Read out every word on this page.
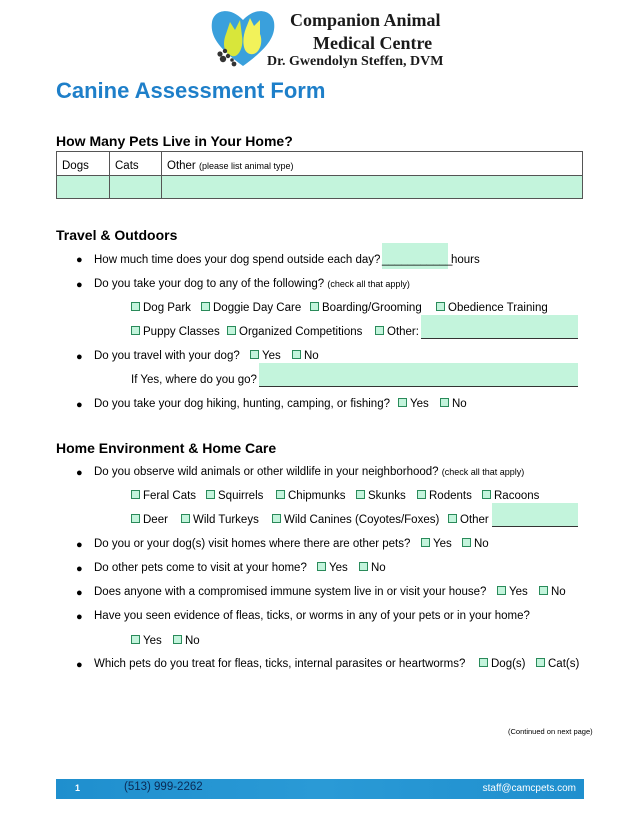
Companion Animal
Medical Centre
Dr. Gwendolyn Steffen, DVM
Canine Assessment Form
How Many Pets Live in Your Home?
Dogs	Cats	Other (please list animal type)
Travel & Outdoors
● How much time does your dog spend outside each day? ___________
hours
● Do you take your dog to any of the following? (check all that apply)
Dog Park	Doggie Day Care	Boarding/Grooming	Obedience Training
Puppy Classes	Organized Competitions	Other:
● Do you travel with your dog?	Yes	No
If Yes, where do you go?
● Do you take your dog hiking, hunting, camping, or fishing?	Yes	No
Home Environment & Home Care
● Do you observe wild animals or other wildlife in your neighborhood? (check all that apply)
Feral Cats	Squirrels	Chipmunks	Skunks	Rodents	Racoons
Deer	Wild Turkeys	Wild Canines (Coyotes/Foxes)	Other
● Do you or your dog(s) visit homes where there are other pets?	Yes	No
● Do other pets come to visit at your home?	Yes	No
● Does anyone with a compromised immune system live in or visit your house?	Yes	No
● Have you seen evidence of fleas, ticks, or worms in any of your pets or in your home?
Yes	No
● Which pets do you treat for fleas, ticks, internal parasites or heartworms?	Dog(s)	Cat(s)
(Continued on next page)
1	(513) 999-2262	staff@camcpets.com
